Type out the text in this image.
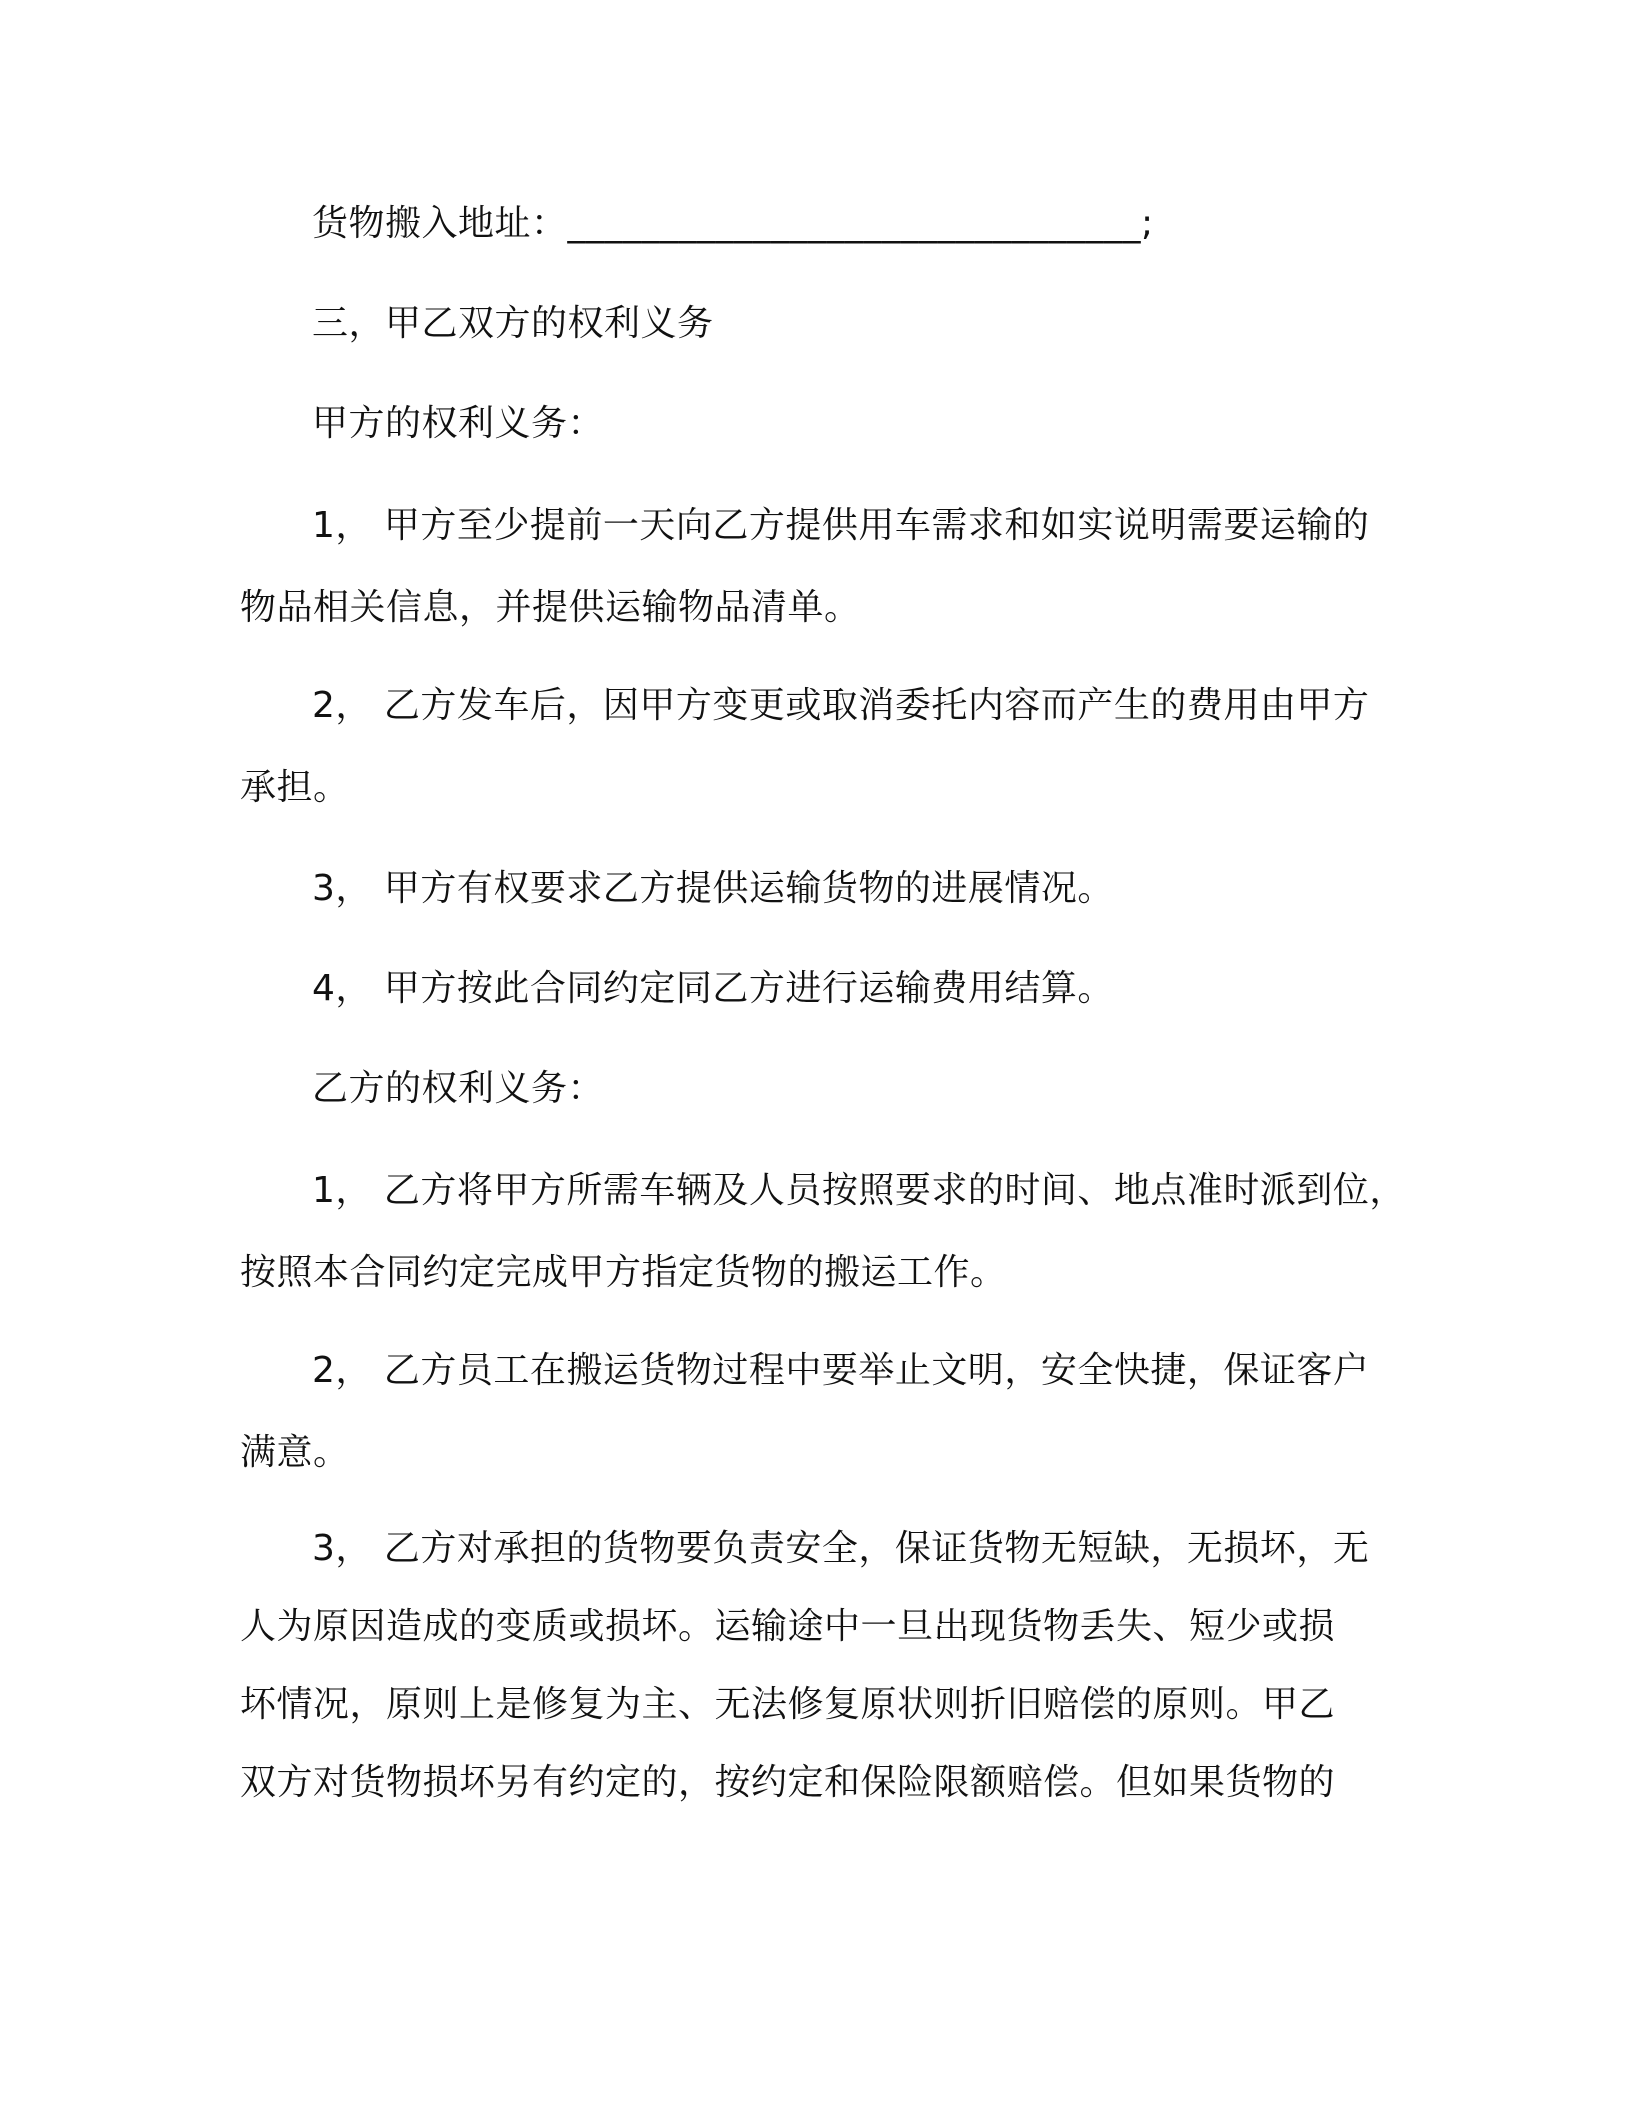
货物搬入地址：_______________________________;
三，甲乙双方的权利义务
甲方的权利义务：
1， 甲方至少提前一天向乙方提供用车需求和如实说明需要运输的
物品相关信息，并提供运输物品清单。
2， 乙方发车后，因甲方变更或取消委托内容而产生的费用由甲方
承担。
3， 甲方有权要求乙方提供运输货物的进展情况。
4， 甲方按此合同约定同乙方进行运输费用结算。
乙方的权利义务：
1， 乙方将甲方所需车辆及人员按照要求的时间、地点准时派到位，
按照本合同约定完成甲方指定货物的搬运工作。
2， 乙方员工在搬运货物过程中要举止文明，安全快捷，保证客户
满意。
3， 乙方对承担的货物要负责安全，保证货物无短缺，无损坏，无
人为原因造成的变质或损坏。运输途中一旦出现货物丢失、短少或损
坏情况，原则上是修复为主、无法修复原状则折旧赔偿的原则。甲乙
双方对货物损坏另有约定的，按约定和保险限额赔偿。但如果货物的
